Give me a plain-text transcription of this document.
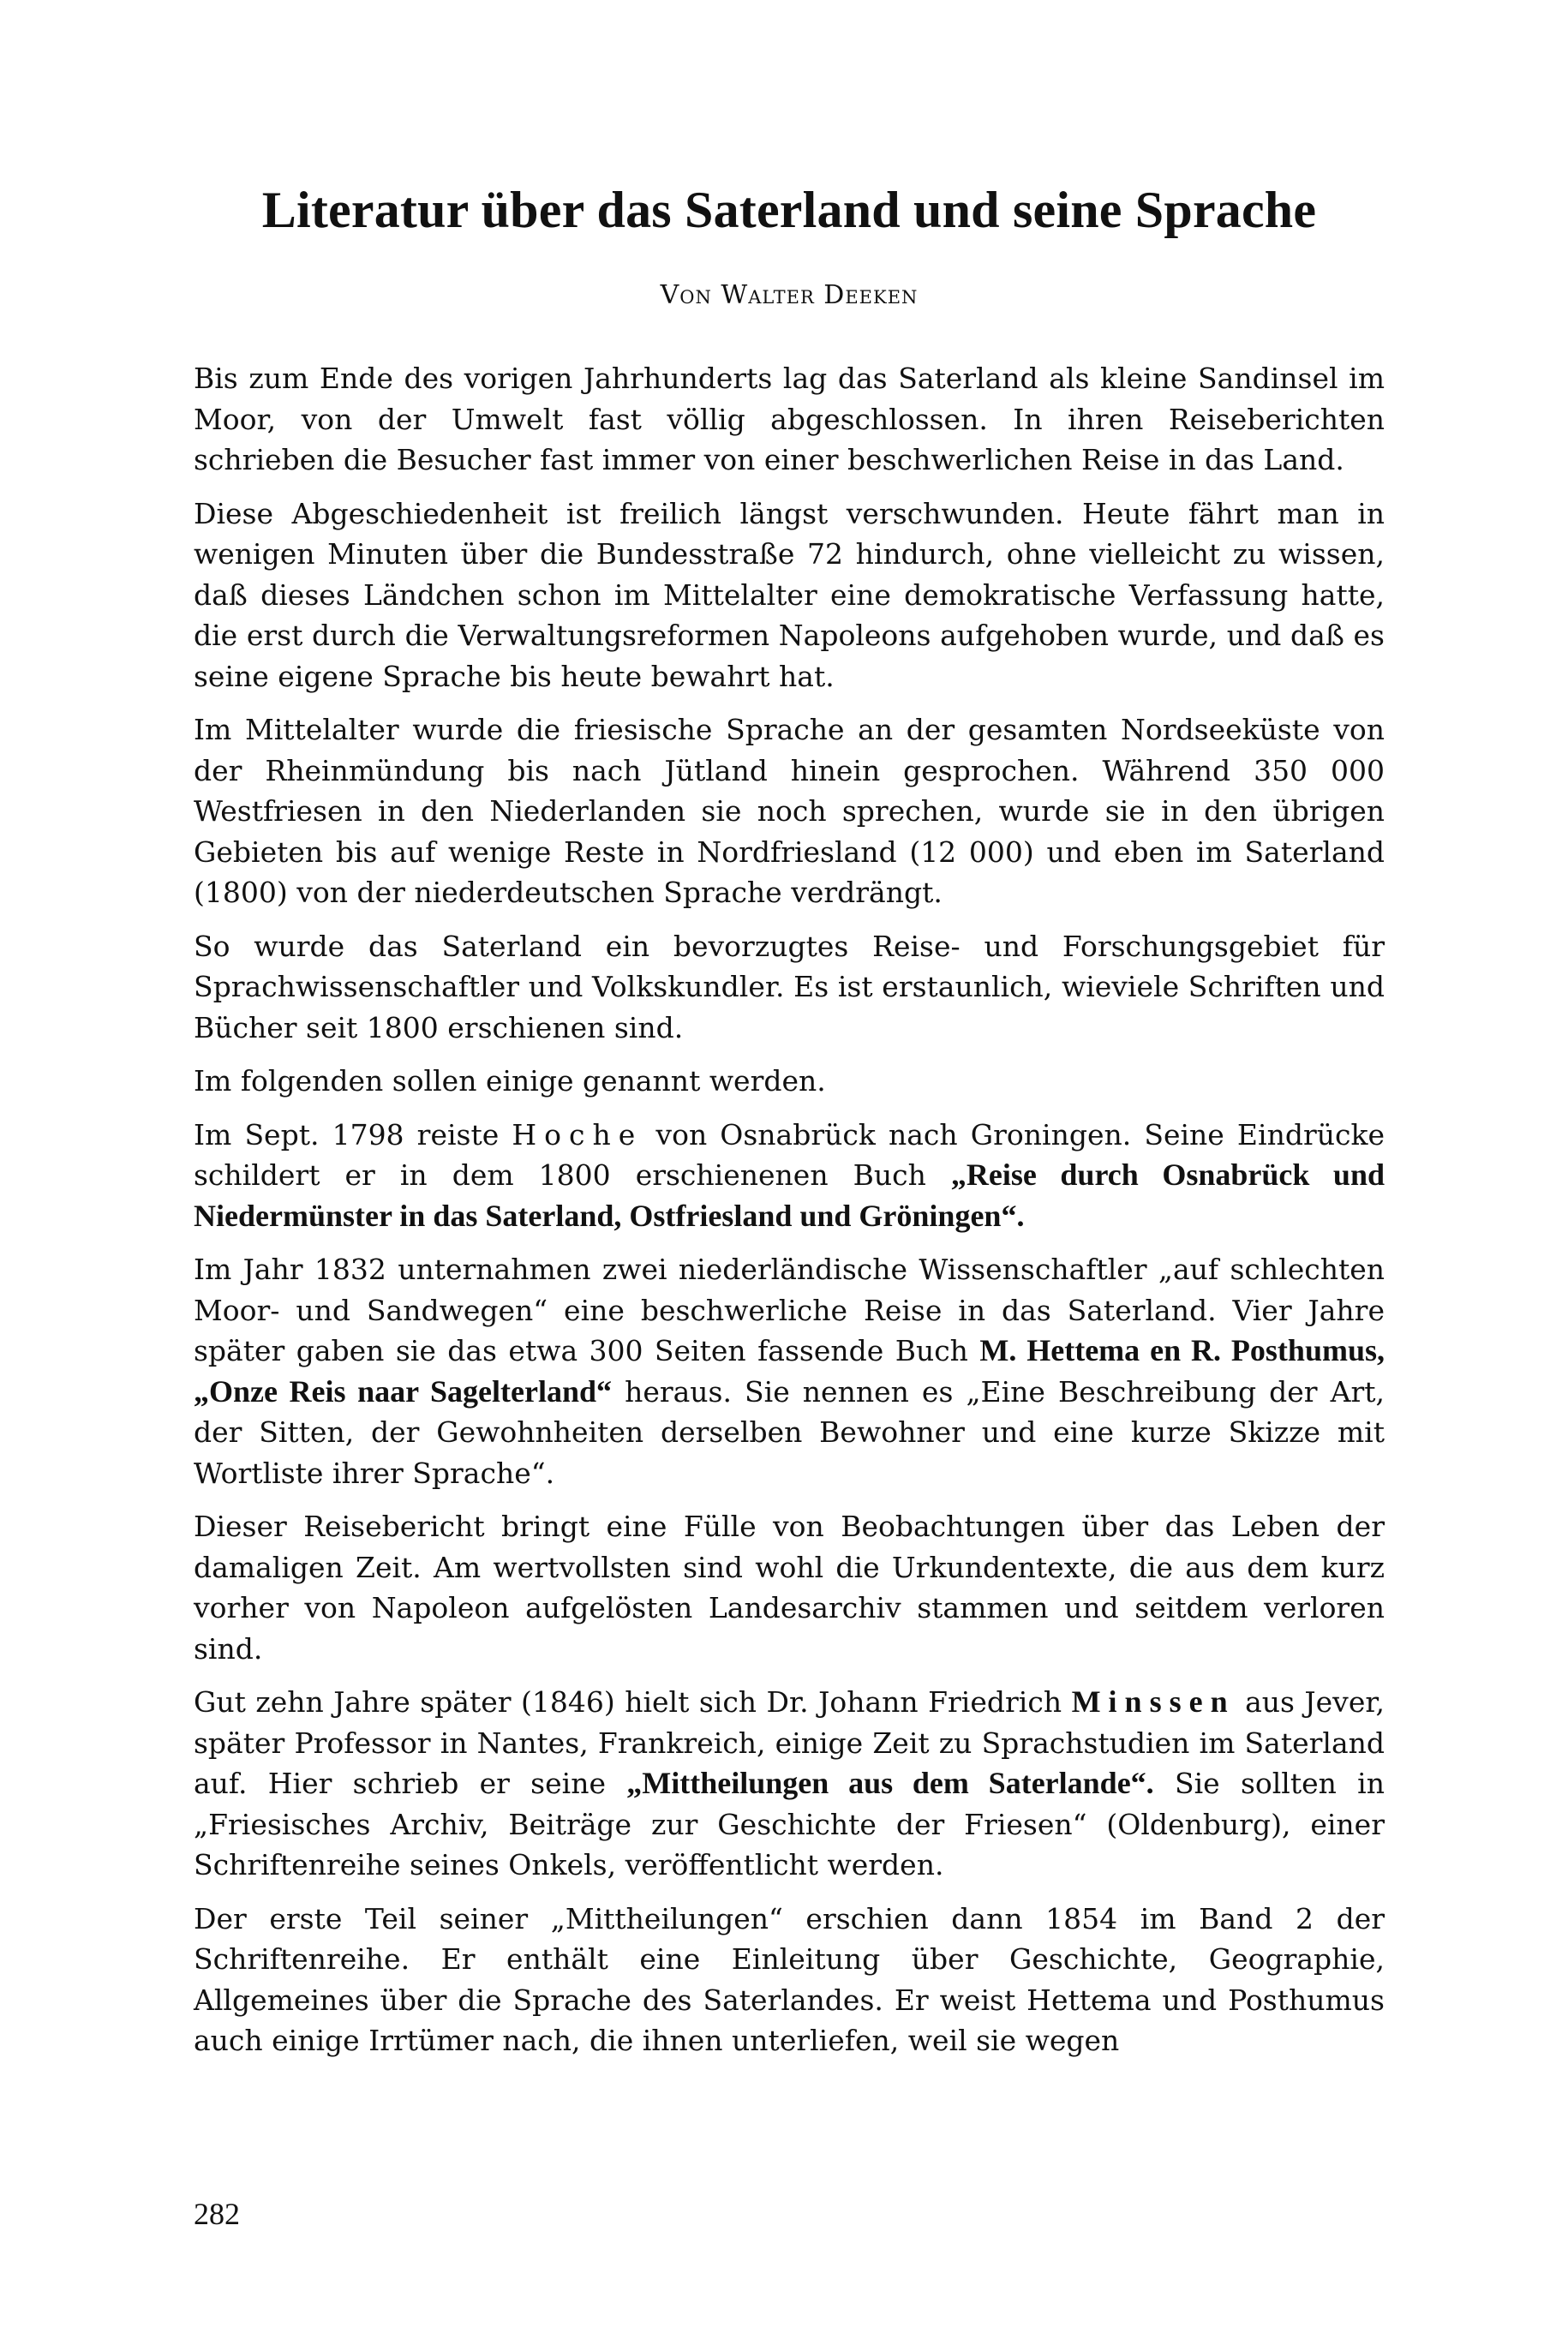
Literatur über das Saterland und seine Sprache
Von Walter Deeken

Bis zum Ende des vorigen Jahrhunderts lag das Saterland als kleine Sandinsel im Moor, von der Umwelt fast völlig abgeschlossen. In ihren Reiseberichten schrieben die Besucher fast immer von einer beschwerlichen Reise in das Land.

Diese Abgeschiedenheit ist freilich längst verschwunden. Heute fährt man in wenigen Minuten über die Bundesstraße 72 hindurch, ohne vielleicht zu wissen, daß dieses Ländchen schon im Mittelalter eine demokratische Verfassung hatte, die erst durch die Verwaltungsreformen Napoleons aufgehoben wurde, und daß es seine eigene Sprache bis heute bewahrt hat.

Im Mittelalter wurde die friesische Sprache an der gesamten Nordseeküste von der Rheinmündung bis nach Jütland hinein gesprochen. Während 350 000 Westfriesen in den Niederlanden sie noch sprechen, wurde sie in den übrigen Gebieten bis auf wenige Reste in Nordfriesland (12 000) und eben im Saterland (1800) von der niederdeutschen Sprache verdrängt.

So wurde das Saterland ein bevorzugtes Reise- und Forschungsgebiet für Sprachwissenschaftler und Volkskundler. Es ist erstaunlich, wieviele Schriften und Bücher seit 1800 erschienen sind.

Im folgenden sollen einige genannt werden.

Im Sept. 1798 reiste Hoche von Osnabrück nach Groningen. Seine Eindrücke schildert er in dem 1800 erschienenen Buch „Reise durch Osnabrück und Niedermünster in das Saterland, Ostfriesland und Gröningen“.

Im Jahr 1832 unternahmen zwei niederländische Wissenschaftler „auf schlechten Moor- und Sandwegen“ eine beschwerliche Reise in das Saterland. Vier Jahre später gaben sie das etwa 300 Seiten fassende Buch M. Hettema en R. Posthumus, „Onze Reis naar Sagelterland“ heraus. Sie nennen es „Eine Beschreibung der Art, der Sitten, der Gewohnheiten derselben Bewohner und eine kurze Skizze mit Wortliste ihrer Sprache“.

Dieser Reisebericht bringt eine Fülle von Beobachtungen über das Leben der damaligen Zeit. Am wertvollsten sind wohl die Urkundentexte, die aus dem kurz vorher von Napoleon aufgelösten Landesarchiv stammen und seitdem verloren sind.

Gut zehn Jahre später (1846) hielt sich Dr. Johann Friedrich Minssen aus Jever, später Professor in Nantes, Frankreich, einige Zeit zu Sprachstudien im Saterland auf. Hier schrieb er seine „Mittheilungen aus dem Saterlande“. Sie sollten in „Friesisches Archiv, Beiträge zur Geschichte der Friesen“ (Oldenburg), einer Schriftenreihe seines Onkels, veröffentlicht werden.

Der erste Teil seiner „Mittheilungen“ erschien dann 1854 im Band 2 der Schriftenreihe. Er enthält eine Einleitung über Geschichte, Geographie, Allgemeines über die Sprache des Saterlandes. Er weist Hettema und Posthumus auch einige Irrtümer nach, die ihnen unterliefen, weil sie wegen

282
